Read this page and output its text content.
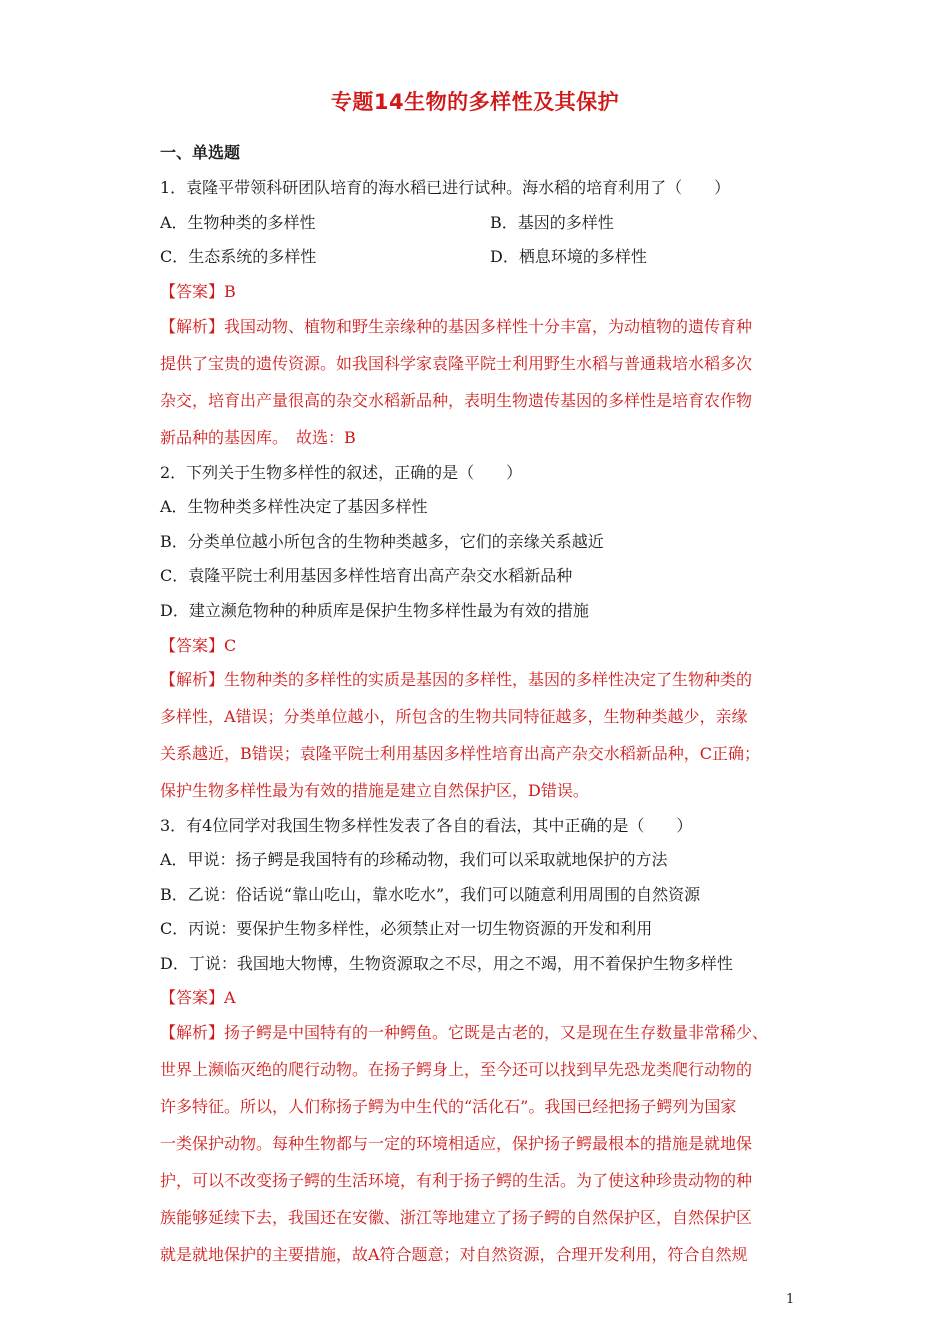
专题14生物的多样性及其保护
一、单选题
1．袁隆平带领科研团队培育的海水稻已进行试种。海水稻的培育利用了（　　）
A．生物种类的多样性	B．基因的多样性
C．生态系统的多样性	D．栖息环境的多样性
【答案】B
【解析】我国动物、植物和野生亲缘种的基因多样性十分丰富，为动植物的遗传育种
提供了宝贵的遗传资源。如我国科学家袁隆平院士利用野生水稻与普通栽培水稻多次
杂交，培育出产量很高的杂交水稻新品种，表明生物遗传基因的多样性是培育农作物
新品种的基因库。　故选：B
2．下列关于生物多样性的叙述，正确的是（　　）
A．生物种类多样性决定了基因多样性
B．分类单位越小所包含的生物种类越多，它们的亲缘关系越近
C．袁隆平院士利用基因多样性培育出高产杂交水稻新品种
D．建立濒危物种的种质库是保护生物多样性最为有效的措施
【答案】C
【解析】生物种类的多样性的实质是基因的多样性，基因的多样性决定了生物种类的
多样性，A错误；分类单位越小，所包含的生物共同特征越多，生物种类越少，亲缘
关系越近，B错误；袁隆平院士利用基因多样性培育出高产杂交水稻新品种，C正确；
保护生物多样性最为有效的措施是建立自然保护区，D错误。
3．有4位同学对我国生物多样性发表了各自的看法，其中正确的是（　　）
A．甲说：扬子鳄是我国特有的珍稀动物，我们可以采取就地保护的方法
B．乙说：俗话说“靠山吃山，靠水吃水”，我们可以随意利用周围的自然资源
C．丙说：要保护生物多样性，必须禁止对一切生物资源的开发和利用
D．丁说：我国地大物博，生物资源取之不尽，用之不竭，用不着保护生物多样性
【答案】A
【解析】扬子鳄是中国特有的一种鳄鱼。它既是古老的，又是现在生存数量非常稀少、
世界上濒临灭绝的爬行动物。在扬子鳄身上，至今还可以找到早先恐龙类爬行动物的
许多特征。所以，人们称扬子鳄为中生代的“活化石”。我国已经把扬子鳄列为国家
一类保护动物。每种生物都与一定的环境相适应，保护扬子鳄最根本的措施是就地保
护，可以不改变扬子鳄的生活环境，有利于扬子鳄的生活。为了使这种珍贵动物的种
族能够延续下去，我国还在安徽、浙江等地建立了扬子鳄的自然保护区，自然保护区
就是就地保护的主要措施，故A符合题意；对自然资源，合理开发利用，符合自然规
1
